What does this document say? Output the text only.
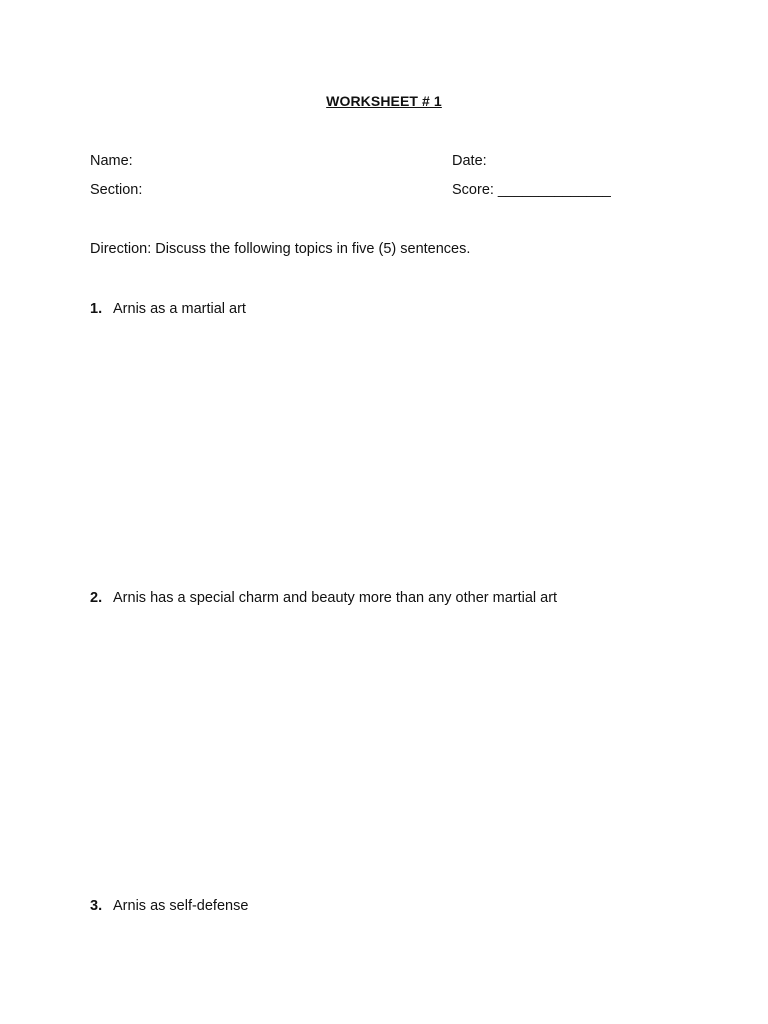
WORKSHEET # 1
Name:	Date:
Section:	Score: ______________
Direction: Discuss the following topics in five (5) sentences.
1. Arnis as a martial art
2. Arnis has a special charm and beauty more than any other martial art
3. Arnis as self-defense
